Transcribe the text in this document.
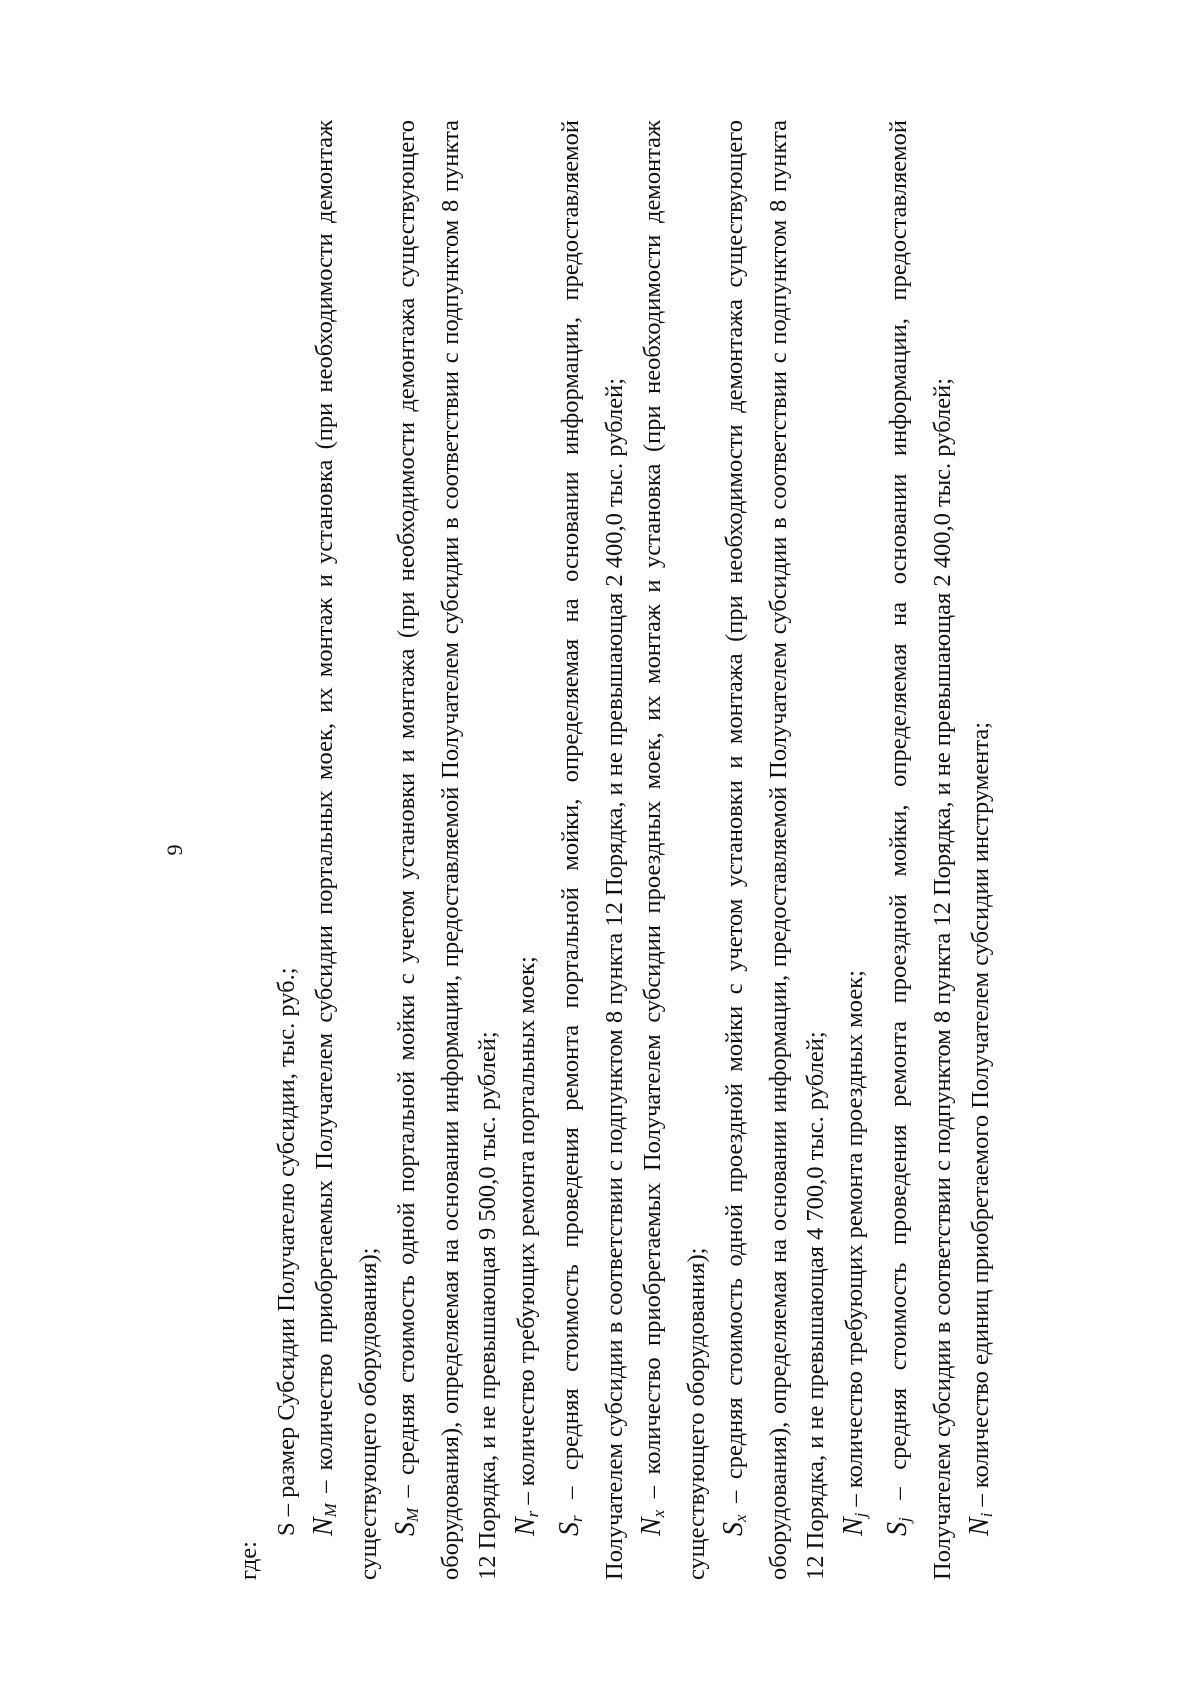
9

где:

S – размер Субсидии Получателю субсидии, тыс. руб.;

$N_M$ – количество приобретаемых Получателем субсидии портальных моек, их монтаж и установка (при необходимости демонтаж существующего оборудования); $S_M$ – средняя стоимость одной портальной мойки с учетом установки и монтажа (при необходимости демонтажа существующего оборудования), определяемая на основании информации, предоставляемой Получателем субсидии в соответствии с подпунктом 8 пункта 12 Порядка, и не превышающая 9 500,0 тыс. рублей; $N_r$ – количество требующих ремонта портальных моек;

$S_r$ – средняя стоимость проведения ремонта портальной мойки, определяемая на основании информации, предоставляемой Получателем субсидии в соответствии с подпунктом 8 пункта 12 Порядка, и не превышающая 2 400,0 тыс. рублей; $N_x$ – количество приобретаемых Получателем субсидии проездных моек, их монтаж и установка (при необходимости демонтаж существующего оборудования); $S_x$ – средняя стоимость одной проездной мойки с учетом установки и монтажа (при необходимости демонтажа существующего оборудования), определяемая на основании информации, предоставляемой Получателем субсидии в соответствии с подпунктом 8 пункта 12 Порядка, и не превышающая 4 700,0 тыс. рублей; $N_j$ – количество требующих ремонта проездных моек;

$S_j$ – средняя стоимость проведения ремонта проездной мойки, определяемая на основании информации, предоставляемой Получателем субсидии в соответствии с подпунктом 8 пункта 12 Порядка, и не превышающая 2 400,0 тыс. рублей; $N_i$ – количество единиц приобретаемого Получателем субсидии инструмента;
